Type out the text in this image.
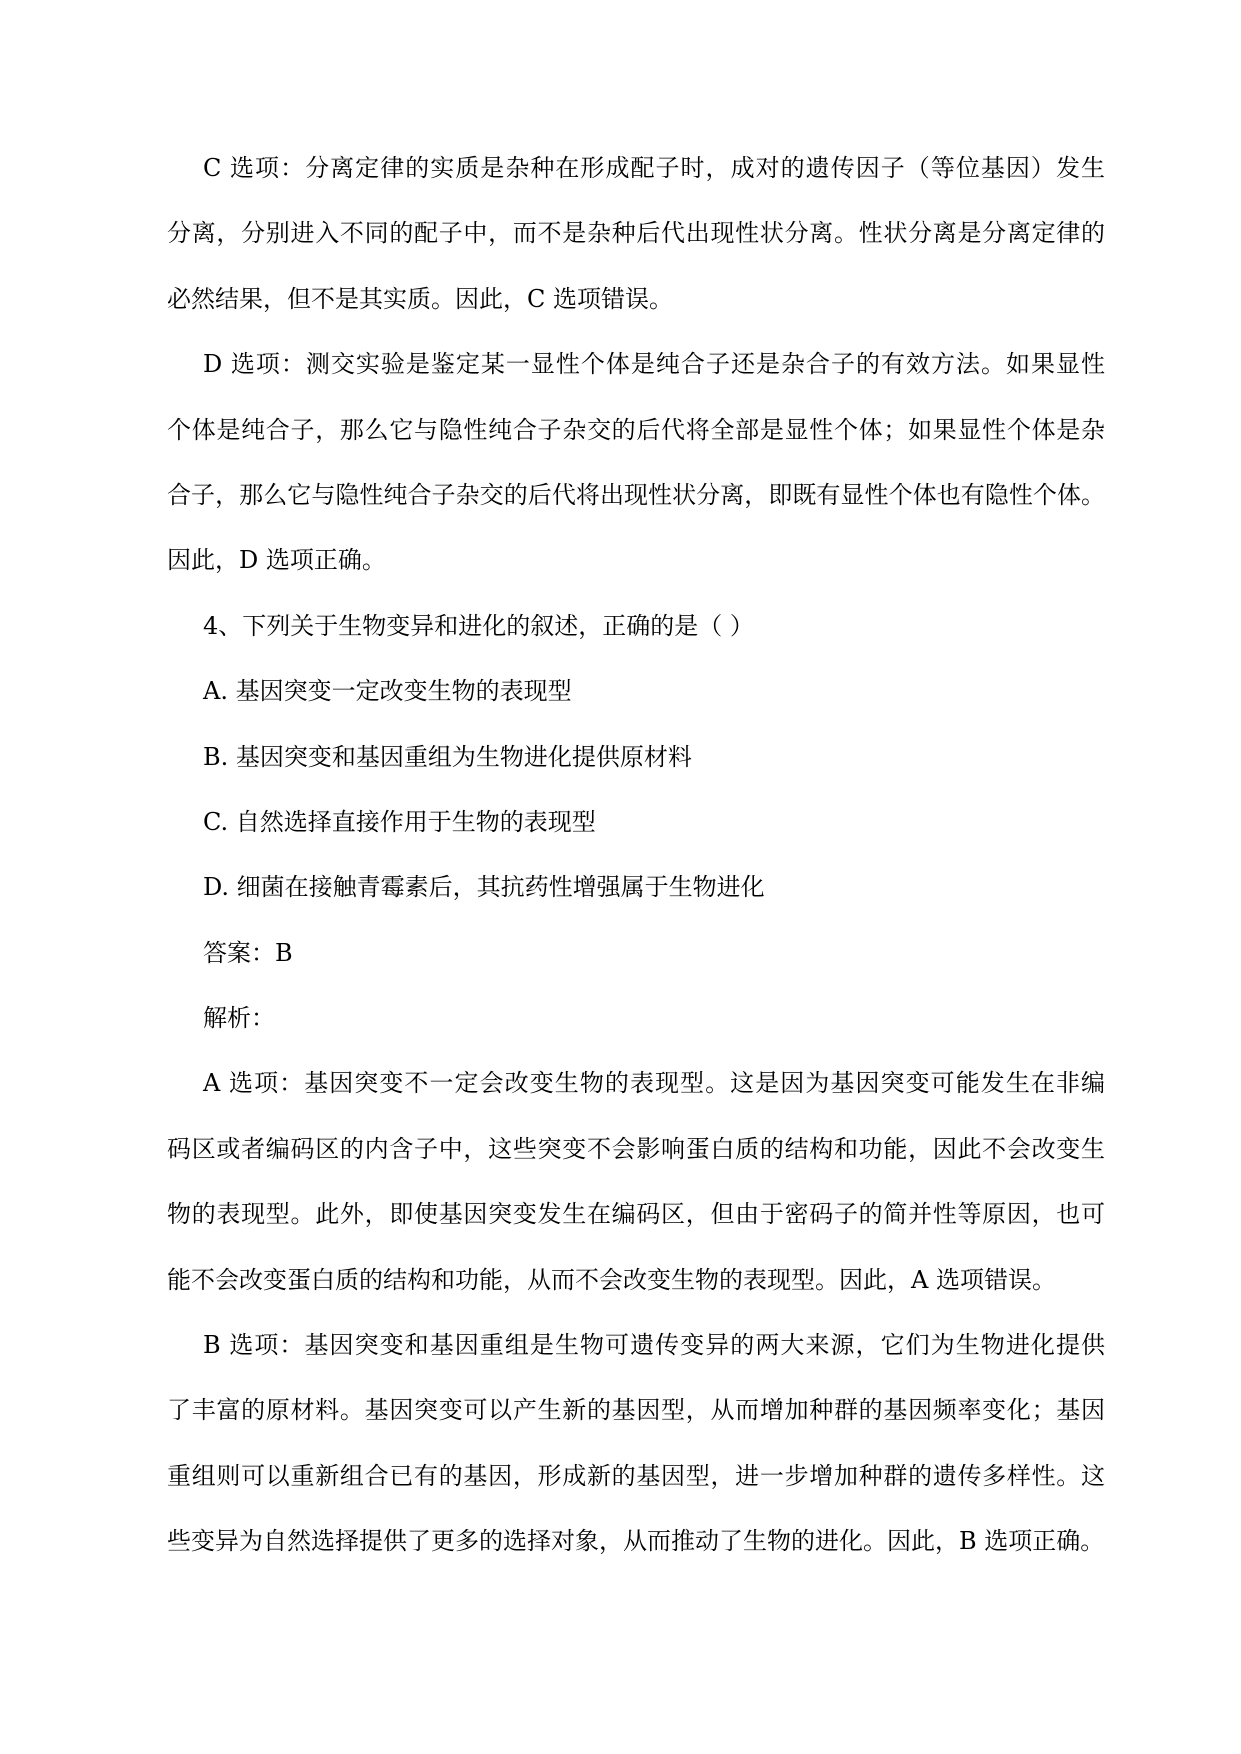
C 选项：分离定律的实质是杂种在形成配子时，成对的遗传因子（等位基因）发生
分离，分别进入不同的配子中，而不是杂种后代出现性状分离。性状分离是分离定律的
必然结果，但不是其实质。因此，C 选项错误。
D 选项：测交实验是鉴定某一显性个体是纯合子还是杂合子的有效方法。如果显性
个体是纯合子，那么它与隐性纯合子杂交的后代将全部是显性个体；如果显性个体是杂
合子，那么它与隐性纯合子杂交的后代将出现性状分离，即既有显性个体也有隐性个体。
因此，D 选项正确。
4、下列关于生物变异和进化的叙述，正确的是（ ）
A. 基因突变一定改变生物的表现型
B. 基因突变和基因重组为生物进化提供原材料
C. 自然选择直接作用于生物的表现型
D. 细菌在接触青霉素后，其抗药性增强属于生物进化
答案：B
解析：
A 选项：基因突变不一定会改变生物的表现型。这是因为基因突变可能发生在非编
码区或者编码区的内含子中，这些突变不会影响蛋白质的结构和功能，因此不会改变生
物的表现型。此外，即使基因突变发生在编码区，但由于密码子的简并性等原因，也可
能不会改变蛋白质的结构和功能，从而不会改变生物的表现型。因此，A 选项错误。
B 选项：基因突变和基因重组是生物可遗传变异的两大来源，它们为生物进化提供
了丰富的原材料。基因突变可以产生新的基因型，从而增加种群的基因频率变化；基因
重组则可以重新组合已有的基因，形成新的基因型，进一步增加种群的遗传多样性。这
些变异为自然选择提供了更多的选择对象，从而推动了生物的进化。因此，B 选项正确。
